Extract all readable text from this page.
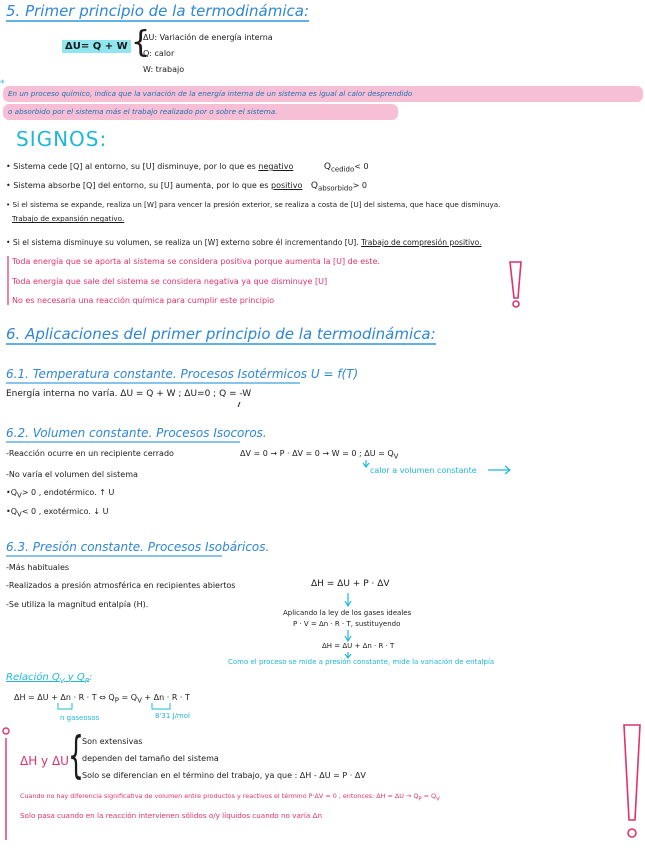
5. Primer principio de la termodinámica:
ΔU= Q + W {
ΔU: Variación de energía interna
Q: calor
W: trabajo
*
En un proceso químico, indica que la variación de la energía interna de un sistema es igual al calor desprendido
o absorbido por el sistema más el trabajo realizado por o sobre el sistema.
SIGNOS:
• Sistema cede [Q] al entorno, su [U] disminuye, por lo que es negativo	$Q_{cedido}< 0$
• Sistema absorbe [Q] del entorno, su [U] aumenta, por lo que es positivo $Q_{absorbido}> 0$
• Si el sistema se expande, realiza un [W] para vencer la presión exterior, se realiza a costa de [U] del sistema, que hace que disminuya.
Trabajo de expansión negativo.
• Si el sistema disminuye su volumen, se realiza un [W] externo sobre él incrementando [U]. Trabajo de compresión positivo.
Toda energía que se aporta al sistema se considera positiva porque aumenta la [U] de este.
Toda energía que sale del sistema se considera negativa ya que disminuye [U]
No es necesaria una reacción química para cumplir este principio
6. Aplicaciones del primer principio de la termodinámica:
6.1. Temperatura constante. Procesos Isotérmicos U = f(T)
Energía interna no varía. ΔU = Q + W ; ΔU=0 ; Q = -W
6.2. Volumen constante. Procesos Isocoros.
-Reacción ocurre en un recipiente cerrado	ΔV = 0 → P · ΔV = 0 → W = 0 ; $\Delta U = Q_V$
calor a volumen constante
-No varía el volumen del sistema
$•Q_V> 0$ , endotérmico. ↑ U
$•Q_V< 0$ , exotérmico. ↓ U
6.3. Presión constante. Procesos Isobáricos.
-Más habituales
-Realizados a presión atmosférica en recipientes abiertos
-Se utiliza la magnitud entalpía (H).
ΔH = ΔU + P · ΔV
Aplicando la ley de los gases ideales
P · V = Δn · R · T, sustituyendo
ΔH = ΔU + Δn · R · T
Como el proceso se mide a presión constante, mide la variación de entalpía
Relación $Q_V$ y $Q_P$:
ΔH = ΔU + Δn · R · T ⇔ $Q_P = Q_V + \Delta n \cdot R \cdot T$
n gaseosos	8'31 J/mol
ΔH y ΔU {
Son extensivas
dependen del tamaño del sistema
Solo se diferencian en el término del trabajo, ya que : ΔH - ΔU = P · ΔV
Cuando no hay diferencia significativa de volumen entre productos y reactivos el término P·ΔV = 0 , entonces: $\Delta H = \Delta U \to Q_P = Q_V$
Solo pasa cuando en la reacción intervienen sólidos o/y líquidos cuando no varía Δn
